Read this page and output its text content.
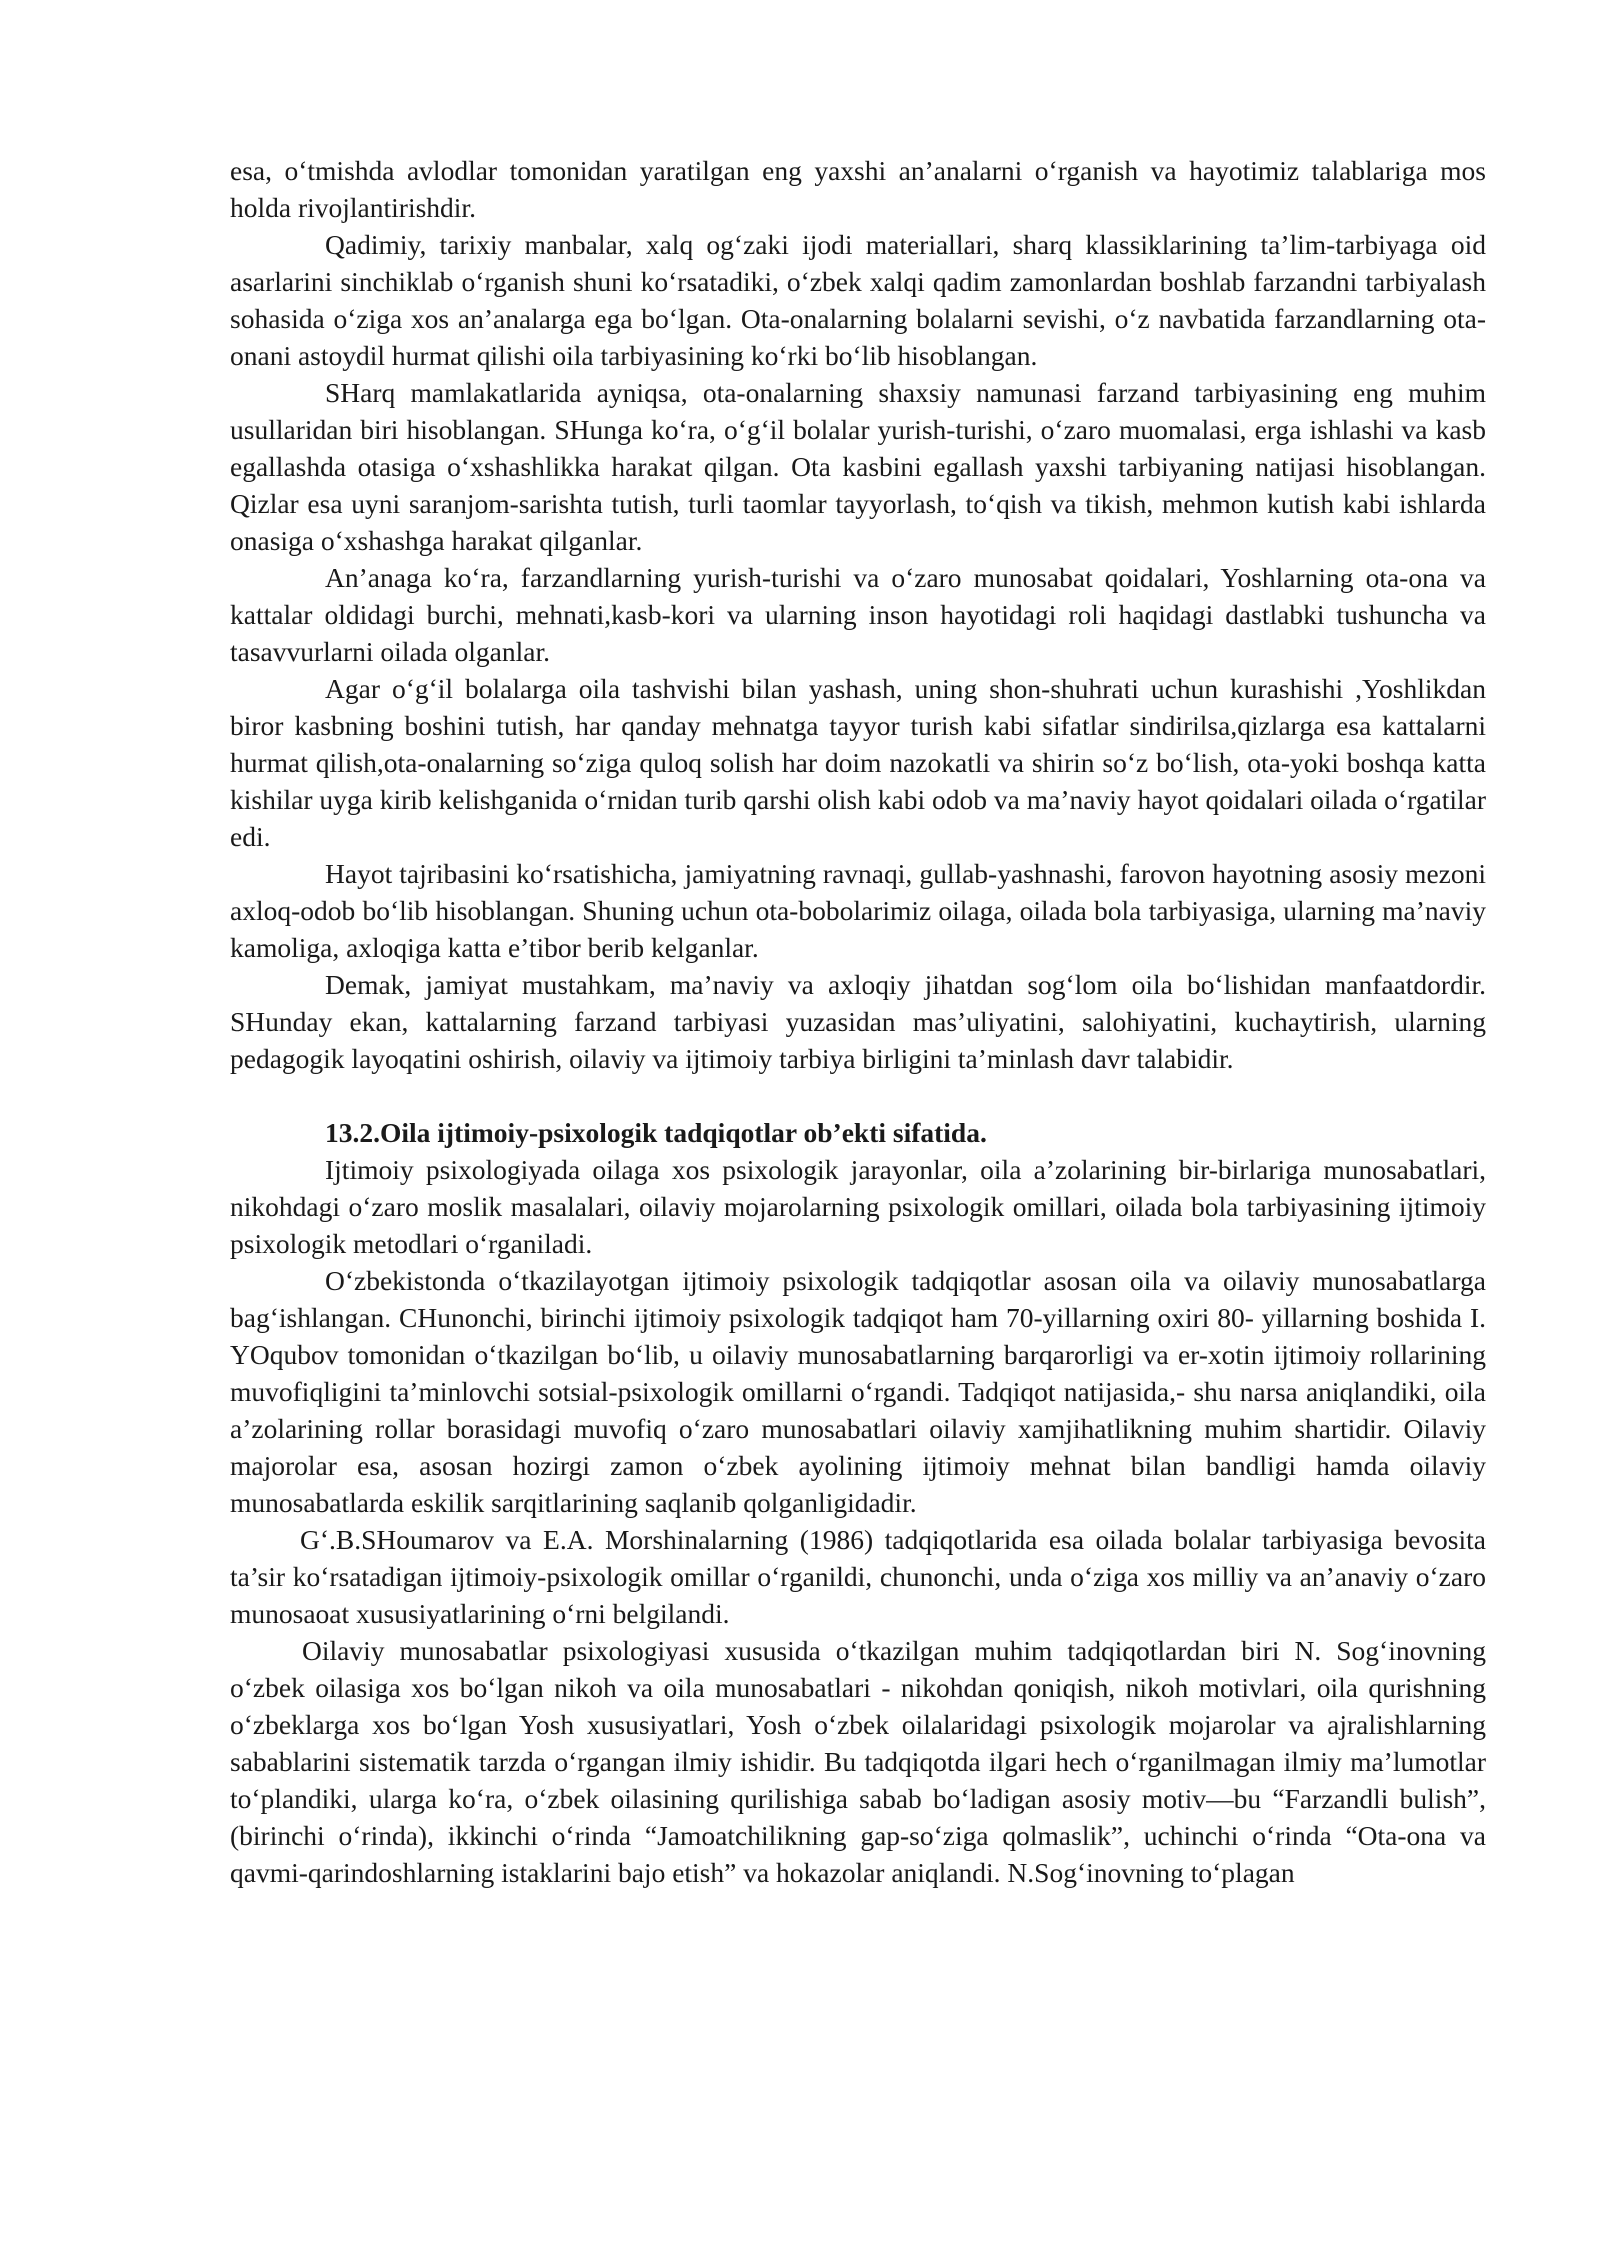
esa, o‘tmishda avlodlar tomonidan yaratilgan eng yaxshi an’analarni o‘rganish va hayotimiz talablariga mos holda rivojlantirishdir.

Qadimiy, tarixiy manbalar, xalq og‘zaki ijodi materiallari, sharq klassiklarining ta’lim-tarbiyaga oid asarlarini sinchiklab o‘rganish shuni ko‘rsatadiki, o‘zbek xalqi qadim zamonlardan boshlab farzandni tarbiyalash sohasida o‘ziga xos an’analarga ega bo‘lgan. Ota-onalarning bolalarni sevishi, o‘z navbatida farzandlarning ota-onani astoydil hurmat qilishi oila tarbiyasining ko‘rki bo‘lib hisoblangan.

SHarq mamlakatlarida ayniqsa, ota-onalarning shaxsiy namunasi farzand tarbiyasining eng muhim usullaridan biri hisoblangan. SHunga ko‘ra, o‘g‘il bolalar yurish-turishi, o‘zaro muomalasi, erga ishlashi va kasb egallashda otasiga o‘xshashlikka harakat qilgan. Ota kasbini egallash yaxshi tarbiyaning natijasi hisoblangan. Qizlar esa uyni saranjom-sarishta tutish, turli taomlar tayyorlash, to‘qish va tikish, mehmon kutish kabi ishlarda onasiga o‘xshashga harakat qilganlar.

An’anaga ko‘ra, farzandlarning yurish-turishi va o‘zaro munosabat qoidalari, Yoshlarning ota-ona va kattalar oldidagi burchi, mehnati,kasb-kori va ularning inson hayotidagi roli haqidagi dastlabki tushuncha va tasavvurlarni oilada olganlar.

Agar o‘g‘il bolalarga oila tashvishi bilan yashash, uning shon-shuhrati uchun kurashishi ,Yoshlikdan biror kasbning boshini tutish, har qanday mehnatga tayyor turish kabi sifatlar sindirilsa,qizlarga esa kattalarni hurmat qilish,ota-onalarning so‘ziga quloq solish har doim nazokatli va shirin so‘z bo‘lish, ota-yoki boshqa katta kishilar uyga kirib kelishganida o‘rnidan turib qarshi olish kabi odob va ma’naviy hayot qoidalari oilada o‘rgatilar edi.

Hayot tajribasini ko‘rsatishicha, jamiyatning ravnaqi, gullab-yashnashi, farovon hayotning asosiy mezoni axloq-odob bo‘lib hisoblangan. Shuning uchun ota-bobolarimiz oilaga, oilada bola tarbiyasiga, ularning ma’naviy kamoliga, axloqiga katta e’tibor berib kelganlar.

Demak, jamiyat mustahkam, ma’naviy va axloqiy jihatdan sog‘lom oila bo‘lishidan manfaatdordir. SHunday ekan, kattalarning farzand tarbiyasi yuzasidan mas’uliyatini, salohiyatini, kuchaytirish, ularning pedagogik layoqatini oshirish, oilaviy va ijtimoiy tarbiya birligini ta’minlash davr talabidir.

13.2.Oila ijtimoiy-psixologik tadqiqotlar ob’ekti sifatida.

Ijtimoiy psixologiyada oilaga xos psixologik jarayonlar, oila a’zolarining bir-birlariga munosabatlari, nikohdagi o‘zaro moslik masalalari, oilaviy mojarolarning psixologik omillari, oilada bola tarbiyasining ijtimoiy psixologik metodlari o‘rganiladi.

O‘zbekistonda o‘tkazilayotgan ijtimoiy psixologik tadqiqotlar asosan oila va oilaviy munosabatlarga bag‘ishlangan. CHunonchi, birinchi ijtimoiy psixologik tadqiqot ham 70-yillarning oxiri 80- yillarning boshida I. YOqubov tomonidan o‘tkazilgan bo‘lib, u oilaviy munosabatlarning barqarorligi va er-xotin ijtimoiy rollarining muvofiqligini ta’minlovchi sotsial-psixologik omillarni o‘rgandi. Tadqiqot natijasida,- shu narsa aniqlandiki, oila a’zolarining rollar borasidagi muvofiq o‘zaro munosabatlari oilaviy xamjihatlikning muhim shartidir. Oilaviy majorolar esa, asosan hozirgi zamon o‘zbek ayolining ijtimoiy mehnat bilan bandligi hamda oilaviy munosabatlarda eskilik sarqitlarining saqlanib qolganligidadir.

G‘.B.SHoumarov va E.A. Morshinalarning (1986) tadqiqotlarida esa oilada bolalar tarbiyasiga bevosita ta’sir ko‘rsatadigan ijtimoiy-psixologik omillar o‘rganildi, chunonchi, unda o‘ziga xos milliy va an’anaviy o‘zaro munosaoat xususiyatlarining o‘rni belgilandi.

Oilaviy munosabatlar psixologiyasi xususida o‘tkazilgan muhim tadqiqotlardan biri N. Sog‘inovning o‘zbek oilasiga xos bo‘lgan nikoh va oila munosabatlari - nikohdan qoniqish, nikoh motivlari, oila qurishning o‘zbeklarga xos bo‘lgan Yosh xususiyatlari, Yosh o‘zbek oilalaridagi psixologik mojarolar va ajralishlarning sabablarini sistematik tarzda o‘rgangan ilmiy ishidir. Bu tadqiqotda ilgari hech o‘rganilmagan ilmiy ma’lumotlar to‘plandiki, ularga ko‘ra, o‘zbek oilasining qurilishiga sabab bo‘ladigan asosiy motiv—bu “Farzandli bulish”, (birinchi o‘rinda), ikkinchi o‘rinda “Jamoatchilikning gap-so‘ziga qolmaslik”, uchinchi o‘rinda “Ota-ona va qavmi-qarindoshlarning istaklarini bajo etish” va hokazolar aniqlandi. N.Sog‘inovning to‘plagan
